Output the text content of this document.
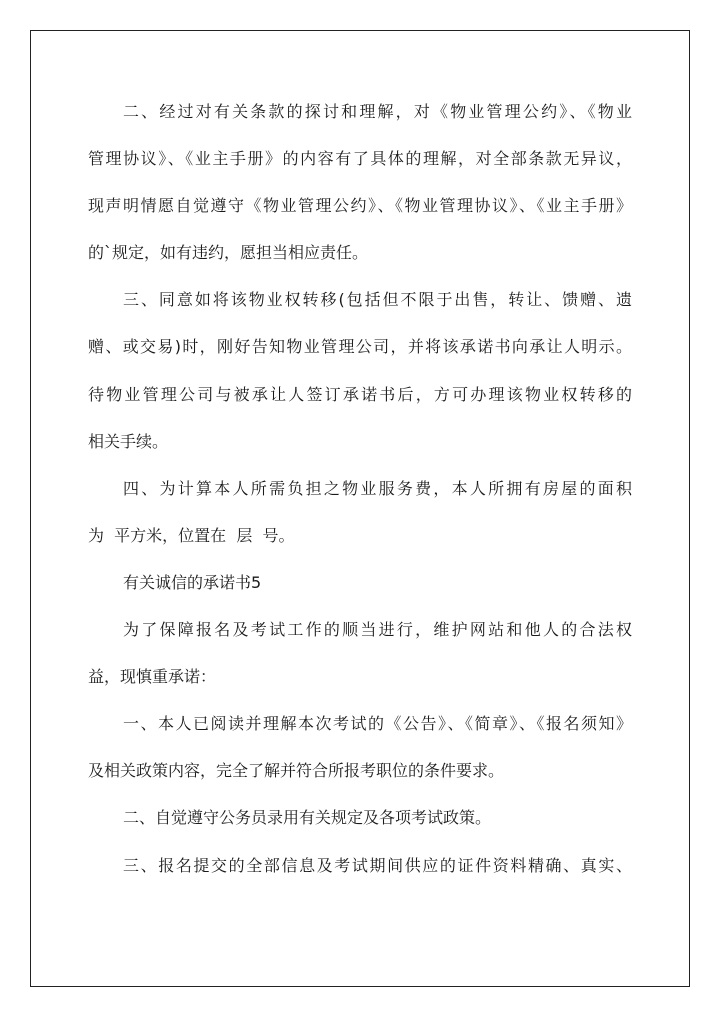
二、经过对有关条款的探讨和理解，对《物业管理公约》、《物业
管理协议》、《业主手册》的内容有了具体的理解，对全部条款无异议，
现声明情愿自觉遵守《物业管理公约》、《物业管理协议》、《业主手册》
的`规定，如有违约，愿担当相应责任。
三、同意如将该物业权转移(包括但不限于出售，转让、馈赠、遗
赠、或交易)时，刚好告知物业管理公司，并将该承诺书向承让人明示。
待物业管理公司与被承让人签订承诺书后，方可办理该物业权转移的
相关手续。
四、为计算本人所需负担之物业服务费，本人所拥有房屋的面积
为  平方米，位置在  层  号。
有关诚信的承诺书5
为了保障报名及考试工作的顺当进行，维护网站和他人的合法权
益，现慎重承诺：
一、本人已阅读并理解本次考试的《公告》、《简章》、《报名须知》
及相关政策内容，完全了解并符合所报考职位的条件要求。
二、自觉遵守公务员录用有关规定及各项考试政策。
三、报名提交的全部信息及考试期间供应的证件资料精确、真实、
